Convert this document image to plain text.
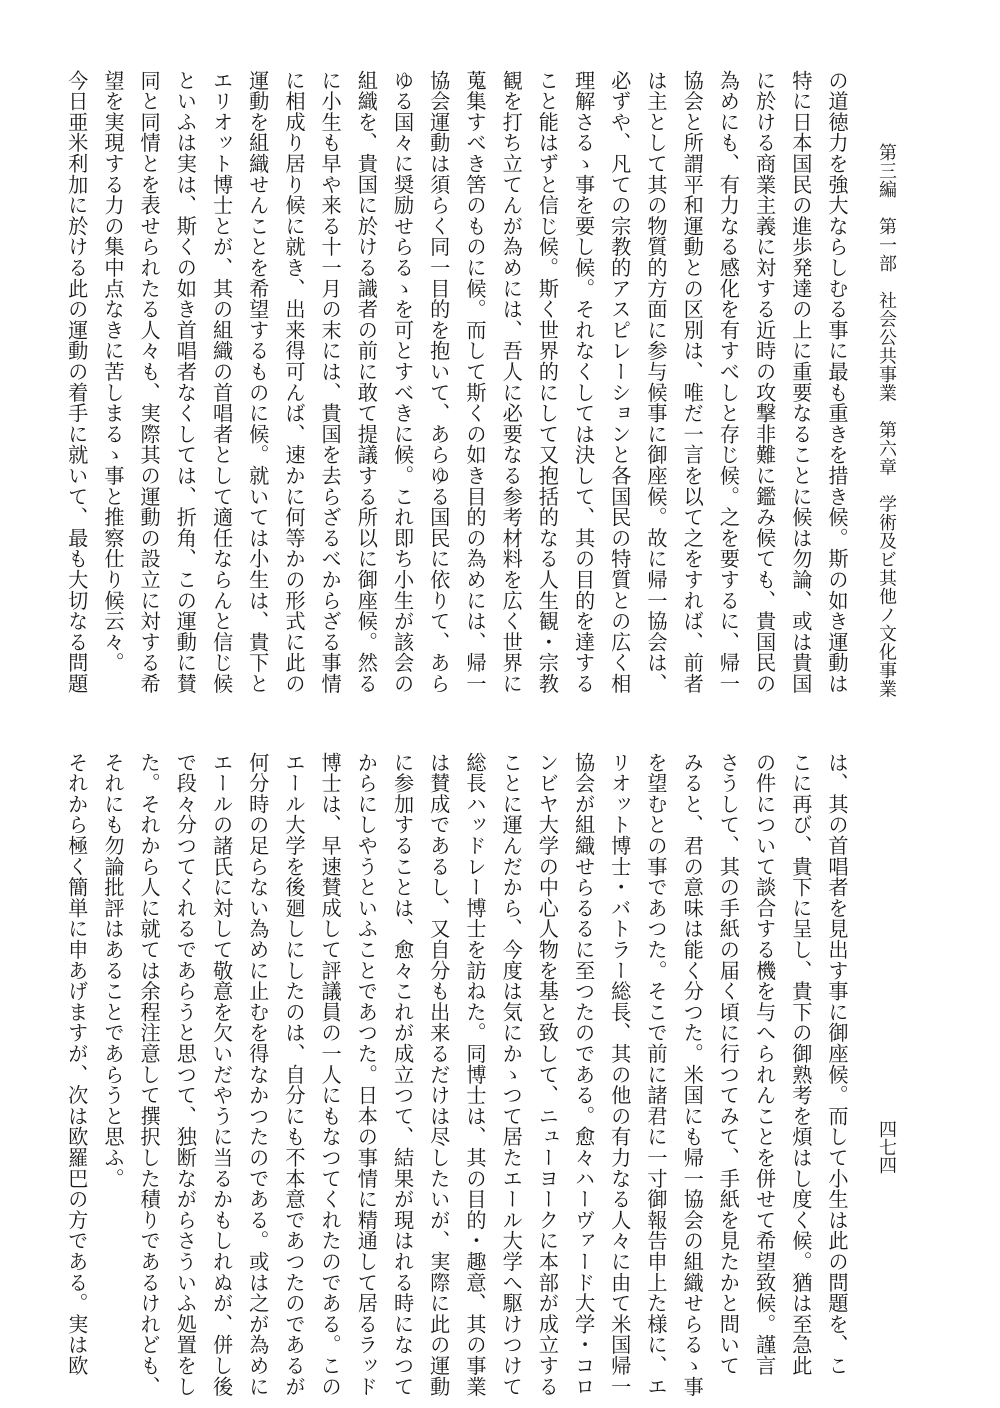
第三編　第一部　社会公共事業　第六章　学術及ビ其他ノ文化事業
四七四
の道徳力を強大ならしむる事に最も重きを措き候。斯の如き運動は
特に日本国民の進歩発達の上に重要なることに候は勿論、或は貴国
に於ける商業主義に対する近時の攻撃非難に鑑み候ても、貴国民の
為めにも、有力なる感化を有すべしと存じ候。之を要するに、帰一
協会と所謂平和運動との区別は、唯だ一言を以て之をすれば、前者
は主として其の物質的方面に参与候事に御座候。故に帰一協会は、
必ずや、凡ての宗教的アスピレーションと各国民の特質との広く相
理解さるゝ事を要し候。それなくしては決して、其の目的を達する
こと能はずと信じ候。斯く世界的にして又抱括的なる人生観・宗教
観を打ち立てんが為めには、吾人に必要なる参考材料を広く世界に
蒐集すべき筈のものに候。而して斯くの如き目的の為めには、帰一
協会運動は須らく同一目的を抱いて、あらゆる国民に依りて、あら
ゆる国々に奨励せらるゝを可とすべきに候。これ即ち小生が該会の
組織を、貴国に於ける識者の前に敢て提議する所以に御座候。然る
に小生も早や来る十一月の末には、貴国を去らざるべからざる事情
に相成り居り候に就き、出来得可んば、速かに何等かの形式に此の
運動を組織せんことを希望するものに候。就いては小生は、貴下と
エリオット博士とが、其の組織の首唱者として適任ならんと信じ候
といふは実は、斯くの如き首唱者なくしては、折角、この運動に賛
同と同情とを表せられたる人々も、実際其の運動の設立に対する希
望を実現する力の集中点なきに苦しまるゝ事と推察仕り候云々。
今日亜米利加に於ける此の運動の着手に就いて、最も大切なる問題
は、其の首唱者を見出す事に御座候。而して小生は此の問題を、こ
こに再び、貴下に呈し、貴下の御熟考を煩はし度く候。猶は至急此
の件について談合する機を与へられんことを併せて希望致候。謹言
さうして、其の手紙の届く頃に行つてみて、手紙を見たかと問いて
みると、君の意味は能く分つた。米国にも帰一協会の組織せらるゝ事
を望むとの事であつた。そこで前に諸君に一寸御報告申上た様に、エ
リオット博士・バトラー総長、其の他の有力なる人々に由て米国帰一
協会が組織せらるるに至つたのである。愈々ハーヴァード大学・コロ
ンビヤ大学の中心人物を基と致して、ニューヨークに本部が成立する
ことに運んだから、今度は気にかゝつて居たエール大学へ駆けつけて
総長ハッドレー博士を訪ねた。同博士は、其の目的・趣意、其の事業
は賛成であるし、又自分も出来るだけは尽したいが、実際に此の運動
に参加することは、愈々これが成立つて、結果が現はれる時になつて
からにしやうといふことであつた。日本の事情に精通して居るラッド
博士は、早速賛成して評議員の一人にもなつてくれたのである。この
エール大学を後廻しにしたのは、自分にも不本意であつたのであるが
何分時の足らない為めに止むを得なかつたのである。或は之が為めに
エールの諸氏に対して敬意を欠いだやうに当るかもしれぬが、併し後
で段々分つてくれるであらうと思つて、独断ながらさういふ処置をし
た。それから人に就ては余程注意して撰択した積りであるけれども、
それにも勿論批評はあることであらうと思ふ。
それから極く簡単に申あげますが、次は欧羅巴の方である。実は欧
